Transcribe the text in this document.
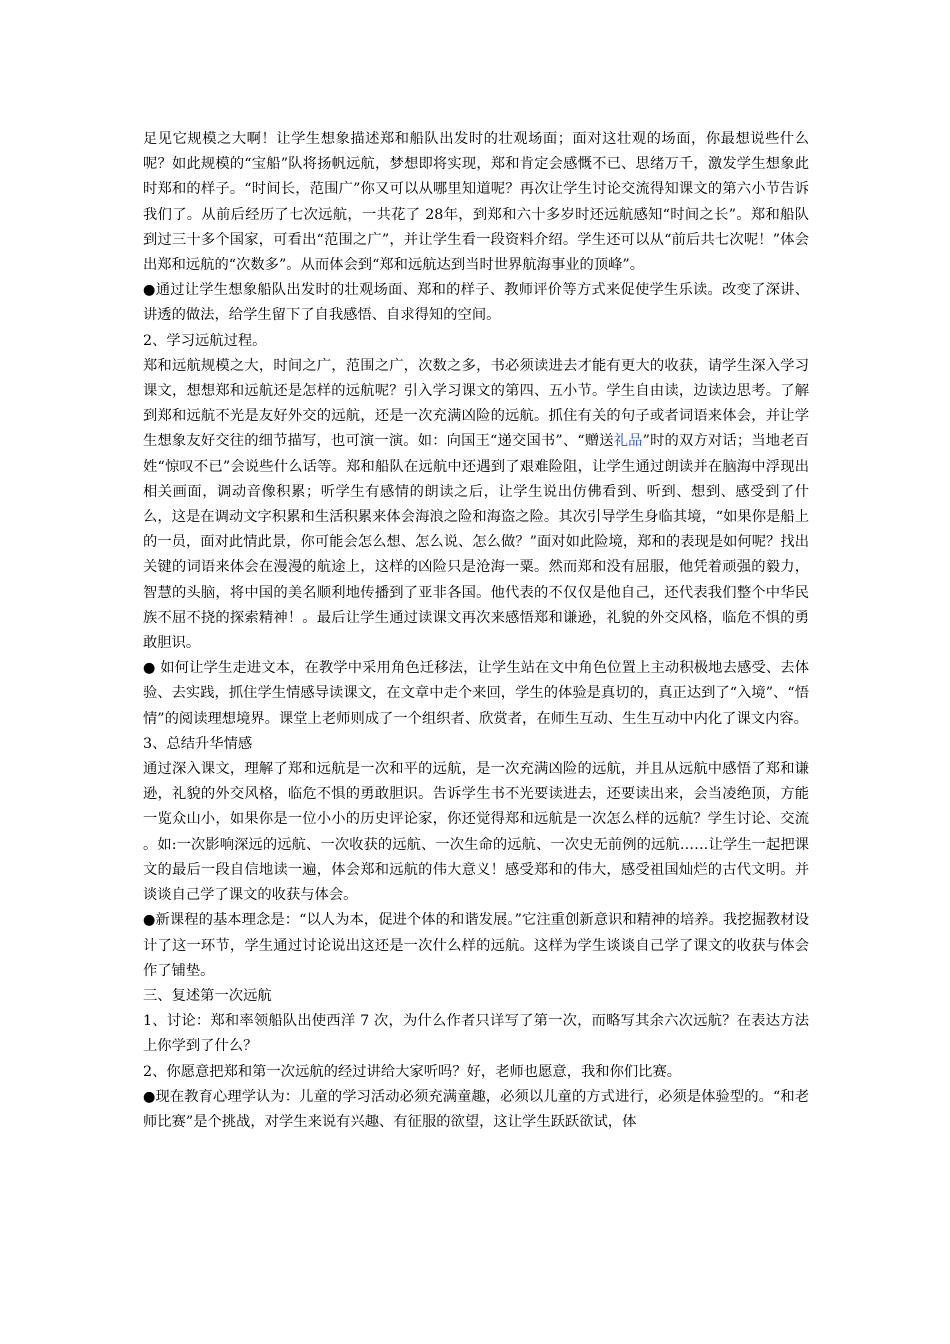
足见它规模之大啊！让学生想象描述郑和船队出发时的壮观场面；面对这壮观的场面，你最想说些什么呢？如此规模的“宝船”队将扬帆远航，梦想即将实现，郑和肯定会感慨不已、思绪万千，激发学生想象此时郑和的样子。“时间长，范围广”你又可以从哪里知道呢？再次让学生讨论交流得知课文的第六小节告诉我们了。从前后经历了七次远航，一共花了 28年，到郑和六十多岁时还远航感知“时间之长”。郑和船队到过三十多个国家，可看出“范围之广”，并让学生看一段资料介绍。学生还可以从“前后共七次呢！”体会出郑和远航的“次数多”。从而体会到“郑和远航达到当时世界航海事业的顶峰”。

●通过让学生想象船队出发时的壮观场面、郑和的样子、教师评价等方式来促使学生乐读。改变了深讲、讲透的做法，给学生留下了自我感悟、自求得知的空间。

2、学习远航过程。

郑和远航规模之大，时间之广，范围之广，次数之多，书必须读进去才能有更大的收获，请学生深入学习课文，想想郑和远航还是怎样的远航呢？引入学习课文的第四、五小节。学生自由读，边读边思考。了解到郑和远航不光是友好外交的远航，还是一次充满凶险的远航。抓住有关的句子或者词语来体会，并让学生想象友好交往的细节描写，也可演一演。如：向国王“递交国书”、“赠送礼品”时的双方对话；当地老百姓“惊叹不已”会说些什么话等。郑和船队在远航中还遇到了艰难险阻，让学生通过朗读并在脑海中浮现出相关画面，调动音像积累；听学生有感情的朗读之后，让学生说出仿佛看到、听到、想到、感受到了什么，这是在调动文字积累和生活积累来体会海浪之险和海盗之险。其次引导学生身临其境，“如果你是船上的一员，面对此情此景，你可能会怎么想、怎么说、怎么做？”面对如此险境，郑和的表现是如何呢？找出关键的词语来体会在漫漫的航途上，这样的凶险只是沧海一粟。然而郑和没有屈服，他凭着顽强的毅力，智慧的头脑，将中国的美名顺利地传播到了亚非各国。他代表的不仅仅是他自己，还代表我们整个中华民族不屈不挠的探索精神！。最后让学生通过读课文再次来感悟郑和谦逊，礼貌的外交风格，临危不惧的勇敢胆识。

● 如何让学生走进文本，在教学中采用角色迁移法，让学生站在文中角色位置上主动积极地去感受、去体验、去实践，抓住学生情感导读课文，在文章中走个来回，学生的体验是真切的，真正达到了“入境”、“悟情”的阅读理想境界。课堂上老师则成了一个组织者、欣赏者，在师生互动、生生互动中内化了课文内容。

3、总结升华情感

通过深入课文，理解了郑和远航是一次和平的远航，是一次充满凶险的远航，并且从远航中感悟了郑和谦逊，礼貌的外交风格，临危不惧的勇敢胆识。告诉学生书不光要读进去，还要读出来，会当凌绝顶，方能一览众山小，如果你是一位小小的历史评论家，你还觉得郑和远航是一次怎么样的远航？学生讨论、交流 。如:一次影响深远的远航、一次收获的远航、一次生命的远航、一次史无前例的远航……让学生一起把课文的最后一段自信地读一遍，体会郑和远航的伟大意义！感受郑和的伟大，感受祖国灿烂的古代文明。并谈谈自己学了课文的收获与体会。

●新课程的基本理念是：“以人为本，促进个体的和谐发展。”它注重创新意识和精神的培养。我挖掘教材设计了这一环节，学生通过讨论说出这还是一次什么样的远航。这样为学生谈谈自己学了课文的收获与体会作了铺垫。

三、复述第一次远航

1、讨论：郑和率领船队出使西洋 7 次，为什么作者只详写了第一次，而略写其余六次远航？在表达方法上你学到了什么？

2、你愿意把郑和第一次远航的经过讲给大家听吗？好，老师也愿意，我和你们比赛。

●现在教育心理学认为：儿童的学习活动必须充满童趣，必须以儿童的方式进行，必须是体验型的。“和老师比赛”是个挑战，对学生来说有兴趣、有征服的欲望，这让学生跃跃欲试，体
